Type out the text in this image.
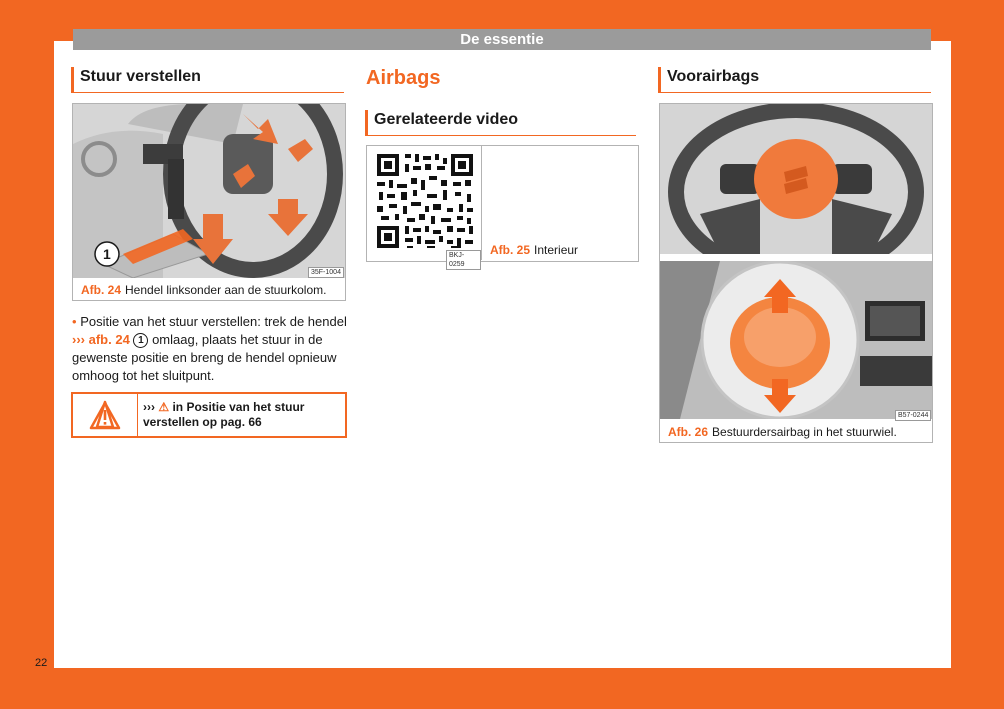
De essentie
Stuur verstellen
1
35F-1004
Afb. 24 Hendel linksonder aan de stuurkolom.
• Positie van het stuur verstellen: trek de hendel ››› afb. 24 1 omlaag, plaats het stuur in de gewenste positie en breng de hendel opnieuw omhoog tot het sluitpunt.
››› ⚠ in Positie van het stuur verstellen op pag. 66
Airbags
Gerelateerde video
BKJ-0259
Afb. 25 Interieur
Voorairbags
B57-0244
Afb. 26 Bestuurdersairbag in het stuurwiel.
22
